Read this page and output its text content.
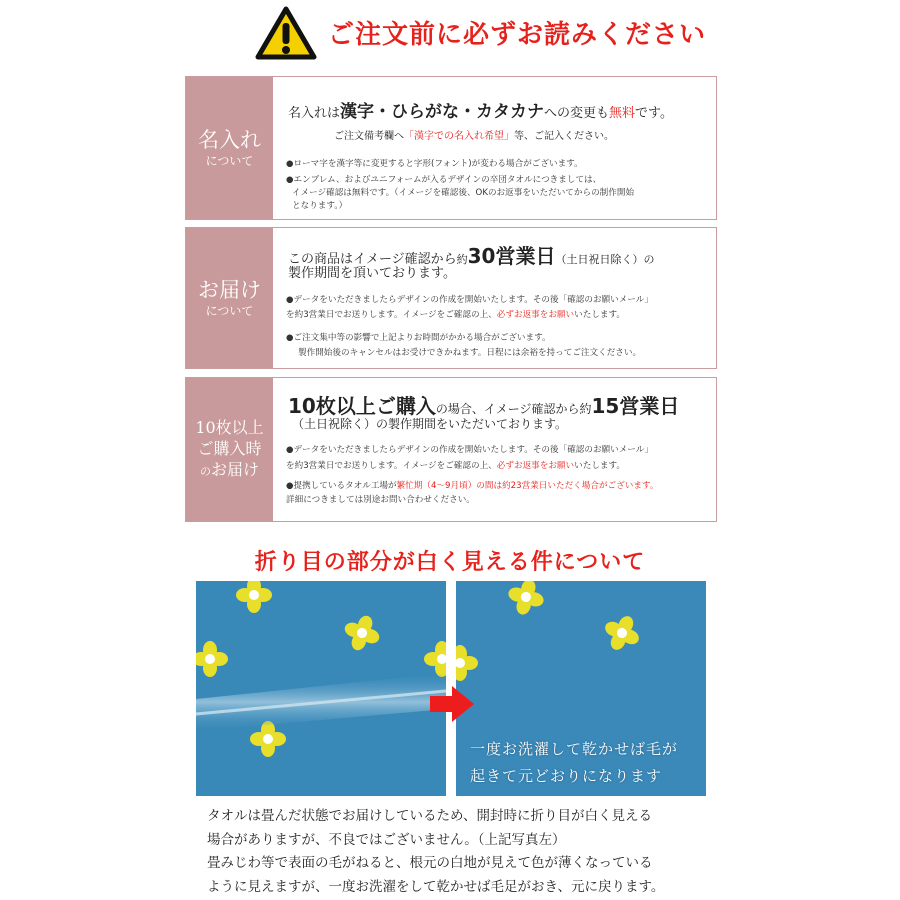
ご注文前に必ずお読みください
名入れ
について
名入れは漢字・ひらがな・カタカナへの変更も無料です。
ご注文備考欄へ「漢字での名入れ希望」等、ご記入ください。
●ローマ字を漢字等に変更すると字形(フォント)が変わる場合がございます。
●エンブレム、およびユニフォームが入るデザインの卒団タオルにつきましては、
イメージ確認は無料です。（イメージを確認後、OKのお返事をいただいてからの制作開始
となります。）
お届け
について
この商品はイメージ確認から約30営業日（土日祝日除く）の
製作期間を頂いております。
●データをいただきましたらデザインの作成を開始いたします。その後「確認のお願いメール」
を約3営業日でお送りします。イメージをご確認の上、必ずお返事をお願いいたします。
●ご注文集中等の影響で上記よりお時間がかかる場合がございます。
製作開始後のキャンセルはお受けできかねます。日程には余裕を持ってご注文ください。
10枚以上
ご購入時
のお届け
10枚以上ご購入の場合、イメージ確認から約15営業日
（土日祝除く）の製作期間をいただいております。
●データをいただきましたらデザインの作成を開始いたします。その後「確認のお願いメール」
を約3営業日でお送りします。イメージをご確認の上、必ずお返事をお願いいたします。
●提携しているタオル工場が繁忙期（4〜9月頃）の間は約23営業日いただく場合がございます。
詳細につきましては別途お問い合わせください。
折り目の部分が白く見える件について
一度お洗濯して乾かせば毛が
起きて元どおりになります
タオルは畳んだ状態でお届けしているため、開封時に折り目が白く見える
場合がありますが、不良ではございません。（上記写真左）
畳みじわ等で表面の毛がねると、根元の白地が見えて色が薄くなっている
ように見えますが、一度お洗濯をして乾かせば毛足がおき、元に戻ります。
